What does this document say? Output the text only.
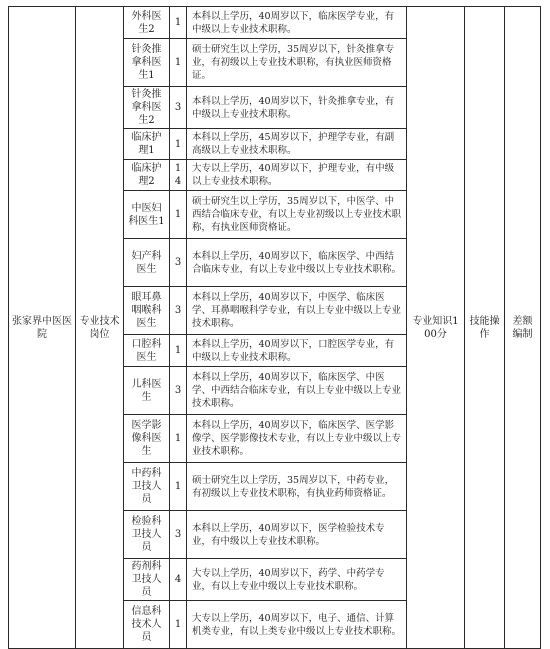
张家界中医医院	专业技术岗位	外科医生2	1	本科以上学历，40周岁以下，临床医学专业，有中级以上专业技术职称。	专业知识100分	技能操作	差额编制
		针灸推拿科医生1	1	硕士研究生以上学历，35周岁以下，针灸推拿专业，有初级以上专业技术职称，有执业医师资格证。			
		针灸推拿科医生2	3	本科以上学历，40周岁以下，针灸推拿专业，有中级以上专业技术职称。			
		临床护理1	1	本科以上学历，45周岁以下，护理学专业，有副高级以上专业技术职称。			
		临床护理2	14	大专以上学历，40周岁以下，护理专业，有中级以上专业技术职称。			
		中医妇科医生1	1	硕士研究生以上学历，35周岁以下，中医学、中西结合临床专业，有以上专业初级以上专业技术职称，有执业医师资格证。			
		妇产科医生	3	本科以上学历，40周岁以下，临床医学、中西结合临床专业，有以上专业中级以上专业技术职称。			
		眼耳鼻咽喉科医生	3	本科以上学历，40周岁以下，中医学、临床医学、耳鼻咽喉科学专业，有以上专业中级以上专业技术职称。			
		口腔科医生	1	本科以上学历，40周岁以下，口腔医学专业，有中级以上专业技术职称。			
		儿科医生	3	本科以上学历，40周岁以下，临床医学、中医学、中西结合临床专业，有以上专业中级以上专业技术职称。			
		医学影像科医生	1	本科以上学历，40周岁以下，临床医学、医学影像学、医学影像技术专业，有以上专业中级以上专业技术职称。			
		中药科卫技人员	1	硕士研究生以上学历，35周岁以下，中药专业，有初级以上专业技术职称，有执业药师资格证。			
		检验科卫技人员	3	本科以上学历，40周岁以下，医学检验技术专业，有中级以上专业技术职称。			
		药剂科卫技人员	4	大专以上学历，40周岁以下，药学、中药学专业，有以上专业中级以上专业技术职称。			
		信息科技术人员	1	大专以上学历，40周岁以下，电子、通信、计算机类专业，有以上类专业中级以上专业技术职称。			
